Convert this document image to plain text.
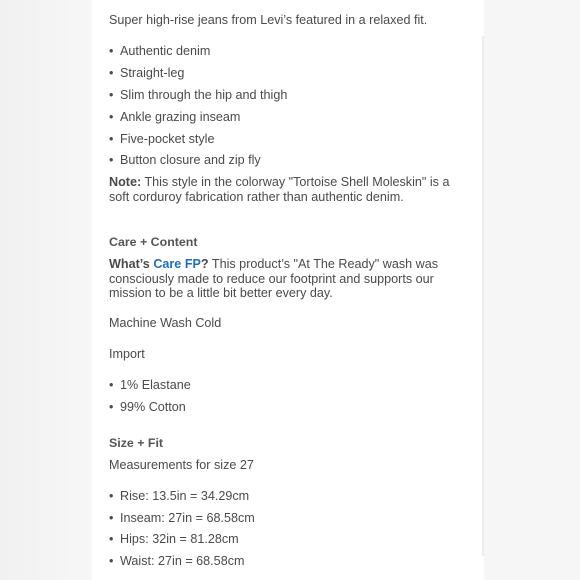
Super high-rise jeans from Levi’s featured in a relaxed fit.

• Authentic denim

• Straight-leg

• Slim through the hip and thigh

• Ankle grazing inseam

• Five-pocket style

• Button closure and zip fly

Note: This style in the colorway "Tortoise Shell Moleskin" is a soft corduroy fabrication rather than authentic denim.

Care + Content

What’s Care FP? This product’s "At The Ready" wash was consciously made to reduce our footprint and supports our mission to be a little bit better every day.

Machine Wash Cold

Import

• 1% Elastane

• 99% Cotton

Size + Fit

Measurements for size 27

• Rise: 13.5in = 34.29cm

• Inseam: 27in = 68.58cm

• Hips: 32in = 81.28cm

• Waist: 27in = 68.58cm
